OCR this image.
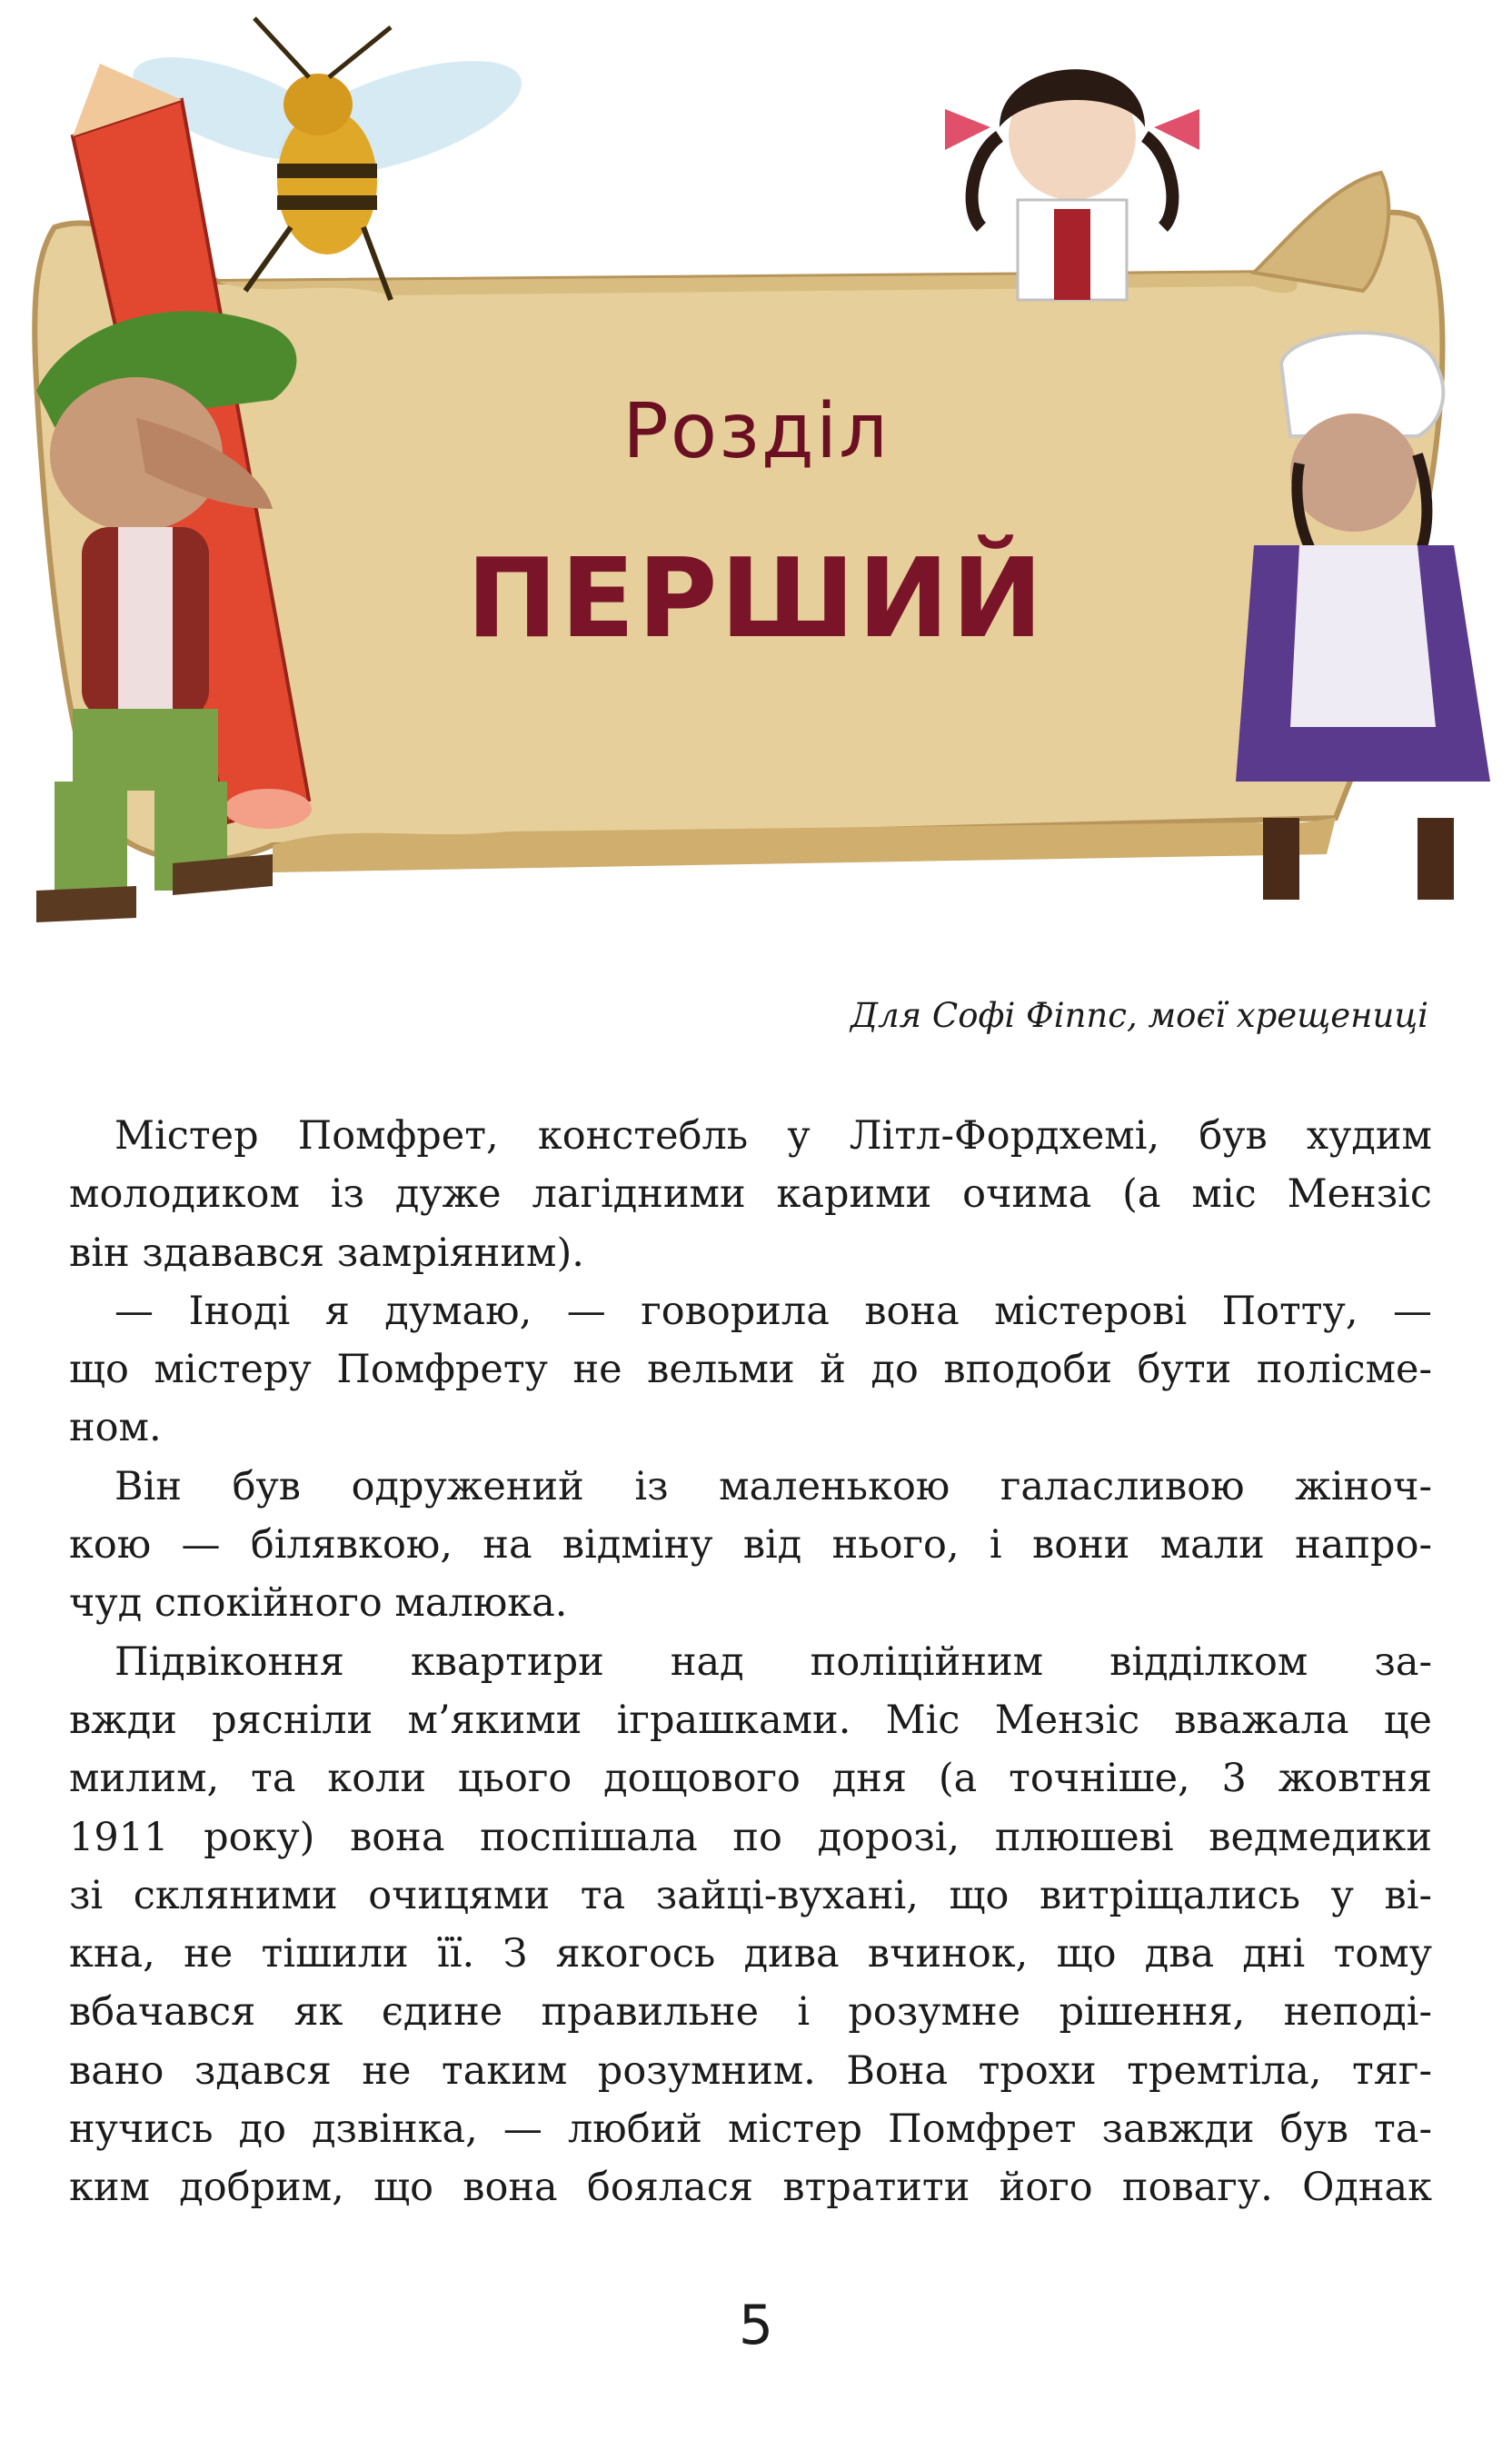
Розділ
ПЕРШИЙ

Для Софі Фіппс, моєї хрещениці

Містер Помфрет, констебль у Літл-Фордхемі, був худим
молодиком із дуже лагідними карими очима (а міс Мензіс

він здавався замріяним).

— Іноді я думаю, — говорила вона містерові Потту, —
що містеру Помфрету не вельми й до вподоби бути полісме-

ном.

Він був одружений із маленькою галасливою жіноч-
кою — білявкою, на відміну від нього, і вони мали напро-

чуд спокійного малюка.

Підвіконня квартири над поліційним відділком за-
вжди рясніли м’якими іграшками. Міс Мензіс вважала це
милим, та коли цього дощового дня (а точніше, 3 жовтня
1911 року) вона поспішала по дорозі, плюшеві ведмедики
зі скляними очицями та зайці-вухані, що витріщались у ві-
кна, не тішили її. З якогось дива вчинок, що два дні тому
вбачався як єдине правильне і розумне рішення, неподі-
вано здався не таким розумним. Вона трохи тремтіла, тяг-
нучись до дзвінка, — любий містер Помфрет завжди був та-
ким добрим, що вона боялася втратити його повагу. Однак

5
